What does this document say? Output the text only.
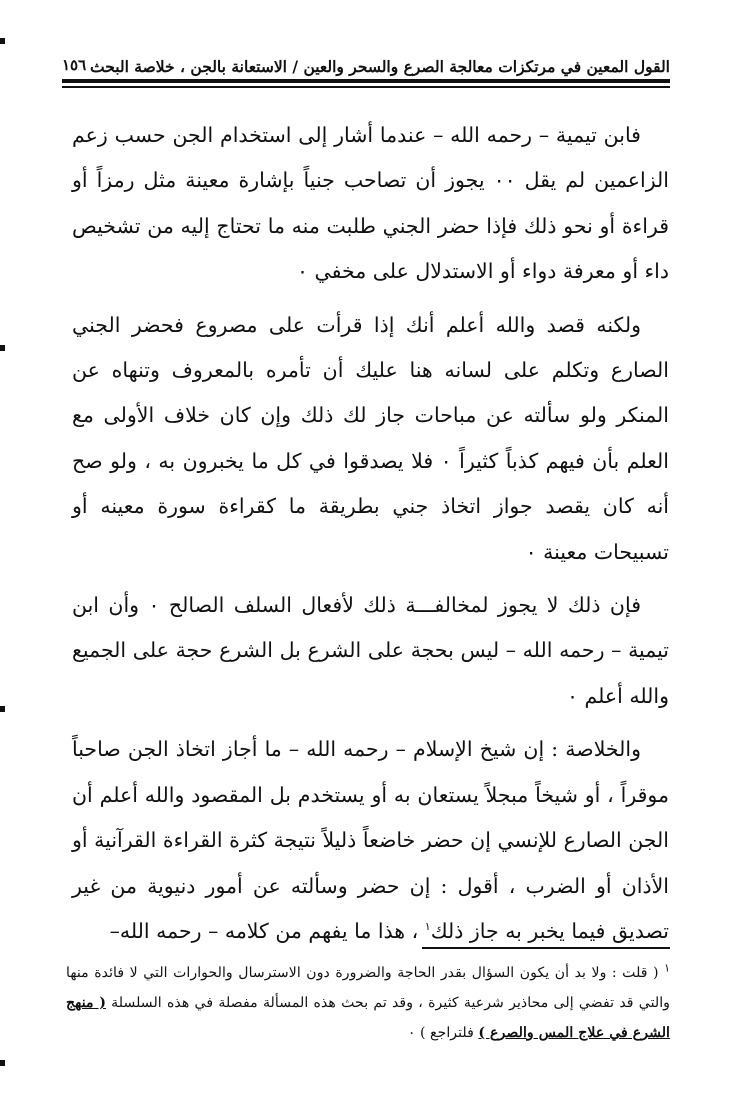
القول المعين في مرتكزات معالجة الصرع والسحر والعين / الاستعانة بالجن ، خلاصة البحث
١٥٦

فابن تيمية – رحمه الله – عندما أشار إلى استخدام الجن حسب زعم الزاعمين لم يقل ٠٠ يجوز أن تصاحب جنياً بإشارة معينة مثل رمزاً أو قراءة أو نحو ذلك فإذا حضر الجني طلبت منه ما تحتاج إليه من تشخيص داء أو معرفة دواء أو الاستدلال على مخفي ٠

ولكنه قصد والله أعلم أنك إذا قرأت على مصروع فحضر الجني الصارع وتكلم على لسانه هنا عليك أن تأمره بالمعروف وتنهاه عن المنكر ولو سألته عن مباحات جاز لك ذلك وإن كان خلاف الأولى مع العلم بأن فيهم كذباً كثيراً ٠ فلا يصدقوا في كل ما يخبرون به ، ولو صح أنه كان يقصد جواز اتخاذ جني بطريقة ما كقراءة سورة معينه أو تسبيحات معينة ٠

فإن ذلك لا يجوز لمخالفـــة ذلك لأفعال السلف الصالح ٠ وأن ابن تيمية – رحمه الله – ليس بحجة على الشرع بل الشرع حجة على الجميع والله أعلم ٠

والخلاصة : إن شيخ الإسلام – رحمه الله – ما أجاز اتخاذ الجن صاحباً موقراً ، أو شيخاً مبجلاً يستعان به أو يستخدم بل المقصود والله أعلم أن الجن الصارع للإنسي إن حضر خاضعاً ذليلاً نتيجة كثرة القراءة القرآنية أو الأذان أو الضرب ، أقول : إن حضر وسألته عن أمور دنيوية من غير تصديق فيما يخبر به جاز ذلك$^١$ ، هذا ما يفهم من كلامه – رحمه الله–

$^١$ ( قلت : ولا بد أن يكون السؤال بقدر الحاجة والضرورة دون الاسترسال والحوارات التي لا فائدة منها والتي قد تفضي إلى محاذير شرعية كثيرة ، وقد تم بحث هذه المسألة مفصلة في هذه السلسلة ( منهج الشرع في علاج المس والصرع ) فلتراجع ) ٠
